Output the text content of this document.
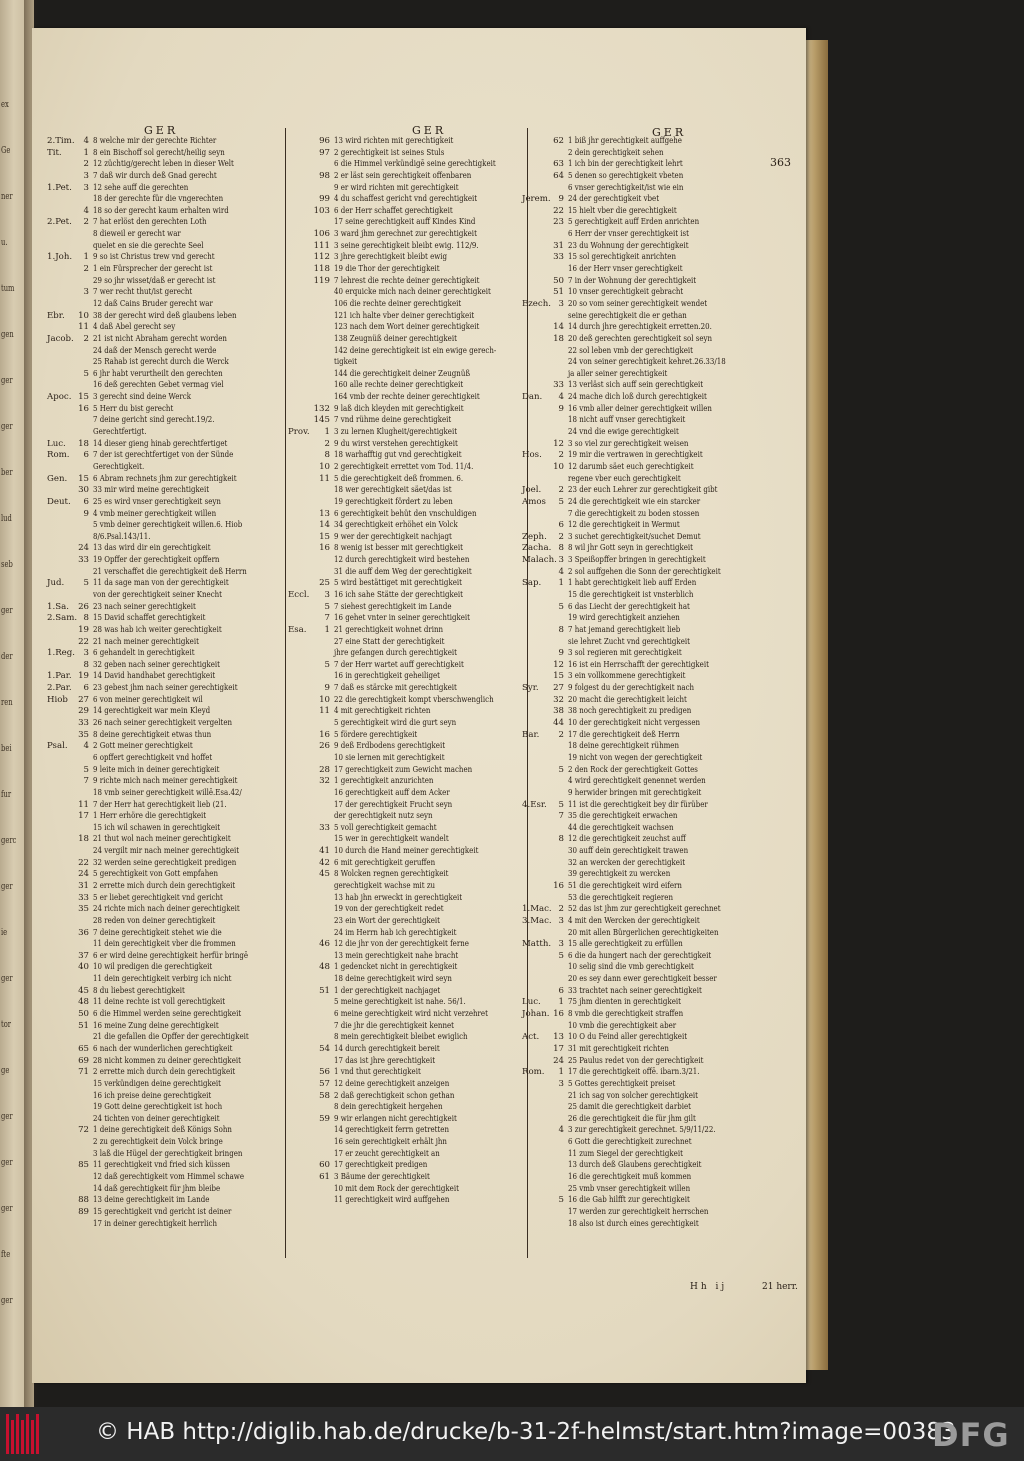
ex
Ge
ner
u.
tum
gen
ger
ger
ber
lud
seb
ger
der
ren
bei
fur
gerc
ger
ie
ger
tor
ge
ger
ger
ger
fte
ger
GER	GER	GER
363
2.Tim. 4 8 welche mir der gerechte Richter
Tit.	1 8 ein Bischoff sol gerecht/heilig seyn
2 12 züchtig/gerecht leben in dieser Welt
3 7 daß wir durch deß Gnad gerecht
1.Pet. 3 12 sehe auff die gerechten
18 der gerechte für die vngerechten
4 18 so der gerecht kaum erhalten wird
2.Pet. 2 7 hat erlöst den gerechten Loth
8 dieweil er gerecht war
quelet en sie die gerechte Seel
1.Joh. 1 9 so ist Christus trew vnd gerecht
2 1 ein Fürsprecher der gerecht ist
29 so jhr wisset/daß er gerecht ist
3 7 wer recht thut/ist gerecht
12 daß Cains Bruder gerecht war
Ebr. 10 38 der gerecht wird deß glaubens leben
11 4 daß Abel gerecht sey
Jacob. 2 21 ist nicht Abraham gerecht worden
24 daß der Mensch gerecht werde
25 Rahab ist gerecht durch die Werck
5 6 jhr habt verurtheilt den gerechten
16 deß gerechten Gebet vermag viel
Apoc. 15 3 gerecht sind deine Werck
16 5 Herr du bist gerecht
7 deine gericht sind gerecht.19/2.
Gerechtfertigt.
Luc. 18 14 dieser gieng hinab gerechtfertiget
Rom. 6 7 der ist gerechtfertiget von der Sünde
Gerechtigkeit.
Gen. 15 6 Abram rechnets jhm zur gerechtigkeit
30 33 mir wird meine gerechtigkeit
Deut. 6 25 es wird vnser gerechtigkeit seyn
9 4 vmb meiner gerechtigkeit willen
5 vmb deiner gerechtigkeit willen.6. Hiob
8/6.Psal.143/11.
24 13 das wird dir ein gerechtigkeit
33 19 Opffer der gerechtigkeit opffern
21 verschaffet die gerechtigkeit deß Herrn
Jud. 5 11 da sage man von der gerechtigkeit
von der gerechtigkeit seiner Knecht
1.Sa. 26 23 nach seiner gerechtigkeit
2.Sam. 8 15 David schaffet gerechtigkeit
19 28 was hab ich weiter gerechtigkeit
22 21 nach meiner gerechtigkeit
1.Reg. 3 6 gehandelt in gerechtigkeit
8 32 geben nach seiner gerechtigkeit
1.Par. 19 14 David handhabet gerechtigkeit
2.Par. 6 23 gebest jhm nach seiner gerechtigkeit
Hiob 27 6 von meiner gerechtigkeit wil
29 14 gerechtigkeit war mein Kleyd
33 26 nach seiner gerechtigkeit vergelten
35 8 deine gerechtigkeit etwas thun
Psal. 4 2 Gott meiner gerechtigkeit
6 opffert gerechtigkeit vnd hoffet
5 9 leite mich in deiner gerechtigkeit
7 9 richte mich nach meiner gerechtigkeit
18 vmb seiner gerechtigkeit willē.Esa.42/
11 7 der Herr hat gerechtigkeit lieb (21.
17 1 Herr erhöre die gerechtigkeit
15 ich wil schawen in gerechtigkeit
18 21 thut wol nach meiner gerechtigkeit
24 vergilt mir nach meiner gerechtigkeit
22 32 werden seine gerechtigkeit predigen
24 5 gerechtigkeit von Gott empfahen
31 2 errette mich durch dein gerechtigkeit
33 5 er liebet gerechtigkeit vnd gericht
35 24 richte mich nach deiner gerechtigkeit
28 reden von deiner gerechtigkeit
36 7 deine gerechtigkeit stehet wie die
11 dein gerechtigkeit vber die frommen
37 6 er wird deine gerechtigkeit herfür bringē
40 10 wil predigen die gerechtigkeit
11 dein gerechtigkeit verbirg ich nicht
45 8 du liebest gerechtigkeit
48 11 deine rechte ist voll gerechtigkeit
50 6 die Himmel werden seine gerechtigkeit
51 16 meine Zung deine gerechtigkeit
21 die gefallen die Opffer der gerechtigkeit
65 6 nach der wunderlichen gerechtigkeit
69 28 nicht kommen zu deiner gerechtigkeit
71 2 errette mich durch dein gerechtigkeit
15 verkündigen deine gerechtigkeit
16 ich preise deine gerechtigkeit
19 Gott deine gerechtigkeit ist hoch
24 tichten von deiner gerechtigkeit
72 1 deine gerechtigkeit deß Königs Sohn
2 zu gerechtigkeit dein Volck bringe
3 laß die Hügel der gerechtigkeit bringen
85 11 gerechtigkeit vnd fried sich küssen
12 daß gerechtigkeit vom Himmel schawe
14 daß gerechtigkeit für jhm bleibe
88 13 deine gerechtigkeit im Lande
89 15 gerechtigkeit vnd gericht ist deiner
17 in deiner gerechtigkeit herrlich
96 13 wird richten mit gerechtigkeit
97 2 gerechtigkeit ist seines Stuls
6 die Himmel verkündigē seine gerechtigkeit
98 2 er läst sein gerechtigkeit offenbaren
9 er wird richten mit gerechtigkeit
99 4 du schaffest gericht vnd gerechtigkeit
103 6 der Herr schaffet gerechtigkeit
17 seine gerechtigkeit auff Kindes Kind
106 3 ward jhm gerechnet zur gerechtigkeit
111 3 seine gerechtigkeit bleibt ewig. 112/9.
112 3 jhre gerechtigkeit bleibt ewig
118 19 die Thor der gerechtigkeit
119 7 lehrest die rechte deiner gerechtigkeit
40 erquicke mich nach deiner gerechtigkeit
106 die rechte deiner gerechtigkeit
121 ich halte vber deiner gerechtigkeit
123 nach dem Wort deiner gerechtigkeit
138 Zeugnüß deiner gerechtigkeit
142 deine gerechtigkeit ist ein ewige gerech-
tigkeit
144 die gerechtigkeit deiner Zeugnüß
160 alle rechte deiner gerechtigkeit
164 vmb der rechte deiner gerechtigkeit
132 9 laß dich kleyden mit gerechtigkeit
145 7 vnd rühme deine gerechtigkeit
Prov. 1 3 zu lernen Klugheit/gerechtigkeit
2 9 du wirst verstehen gerechtigkeit
8 18 warhafftig gut vnd gerechtigkeit
10 2 gerechtigkeit errettet vom Tod. 11/4.
11 5 die gerechtigkeit deß frommen. 6.
18 wer gerechtigkeit säet/das ist
19 gerechtigkeit fördert zu leben
13 6 gerechtigkeit behüt den vnschuldigen
14 34 gerechtigkeit erhöhet ein Volck
15 9 wer der gerechtigkeit nachjagt
16 8 wenig ist besser mit gerechtigkeit
12 durch gerechtigkeit wird bestehen
31 die auff dem Weg der gerechtigkeit
25 5 wird bestättiget mit gerechtigkeit
Eccl. 3 16 ich sahe Stätte der gerechtigkeit
5 7 siehest gerechtigkeit im Lande
7 16 gehet vnter in seiner gerechtigkeit
Esa. 1 21 gerechtigkeit wohnet drinn
27 eine Statt der gerechtigkeit
jhre gefangen durch gerechtigkeit
5 7 der Herr wartet auff gerechtigkeit
16 in gerechtigkeit geheiliget
9 7 daß es stärcke mit gerechtigkeit
10 22 die gerechtigkeit kompt vberschwenglich
11 4 mit gerechtigkeit richten
5 gerechtigkeit wird die gurt seyn
16 5 fördere gerechtigkeit
26 9 deß Erdbodens gerechtigkeit
10 sie lernen mit gerechtigkeit
28 17 gerechtigkeit zum Gewicht machen
32 1 gerechtigkeit anzurichten
16 gerechtigkeit auff dem Acker
17 der gerechtigkeit Frucht seyn
der gerechtigkeit nutz seyn
33 5 voll gerechtigkeit gemacht
15 wer in gerechtigkeit wandelt
41 10 durch die Hand meiner gerechtigkeit
42 6 mit gerechtigkeit geruffen
45 8 Wolcken regnen gerechtigkeit
gerechtigkeit wachse mit zu
13 hab jhn erweckt in gerechtigkeit
19 von der gerechtigkeit redet
23 ein Wort der gerechtigkeit
24 im Herrn hab ich gerechtigkeit
46 12 die jhr von der gerechtigkeit ferne
13 mein gerechtigkeit nahe bracht
48 1 gedencket nicht in gerechtigkeit
18 deine gerechtigkeit wird seyn
51 1 der gerechtigkeit nachjaget
5 meine gerechtigkeit ist nahe. 56/1.
6 meine gerechtigkeit wird nicht verzehret
7 die jhr die gerechtigkeit kennet
8 mein gerechtigkeit bleibet ewiglich
54 14 durch gerechtigkeit bereit
17 das ist jhre gerechtigkeit
56 1 vnd thut gerechtigkeit
57 12 deine gerechtigkeit anzeigen
58 2 daß gerechtigkeit schon gethan
8 dein gerechtigkeit hergehen
59 9 wir erlangen nicht gerechtigkeit
14 gerechtigkeit ferrn getretten
16 sein gerechtigkeit erhält jhn
17 er zeucht gerechtigkeit an
60 17 gerechtigkeit predigen
61 3 Bäume der gerechtigkeit
10 mit dem Rock der gerechtigkeit
11 gerechtigkeit wird auffgehen
62 1 biß jhr gerechtigkeit auffgehe
2 dein gerechtigkeit sehen
63 1 ich bin der gerechtigkeit lehrt
64 5 denen so gerechtigkeit vbeten
6 vnser gerechtigkeit/ist wie ein
Jerem. 9 24 der gerechtigkeit vbet
22 15 hielt vber die gerechtigkeit
23 5 gerechtigkeit auff Erden anrichten
6 Herr der vnser gerechtigkeit ist
31 23 du Wohnung der gerechtigkeit
33 15 sol gerechtigkeit anrichten
16 der Herr vnser gerechtigkeit
50 7 in der Wohnung der gerechtigkeit
51 10 vnser gerechtigkeit gebracht
Ezech. 3 20 so vom seiner gerechtigkeit wendet
seine gerechtigkeit die er gethan
14 14 durch jhre gerechtigkeit erretten.20.
18 20 deß gerechten gerechtigkeit sol seyn
22 sol leben vmb der gerechtigkeit
24 von seiner gerechtigkeit kehret.26.33/18
ja aller seiner gerechtigkeit
33 13 verläst sich auff sein gerechtigkeit
Dan. 4 24 mache dich loß durch gerechtigkeit
9 16 vmb aller deiner gerechtigkeit willen
18 nicht auff vnser gerechtigkeit
24 vnd die ewige gerechtigkeit
12 3 so viel zur gerechtigkeit weisen
Hos. 2 19 mir die vertrawen in gerechtigkeit
10 12 darumb säet euch gerechtigkeit
regene vber euch gerechtigkeit
Joel. 2 23 der euch Lehrer zur gerechtigkeit gibt
Amos 5 24 die gerechtigkeit wie ein starcker
7 die gerechtigkeit zu boden stossen
6 12 die gerechtigkeit in Wermut
Zeph. 2 3 suchet gerechtigkeit/suchet Demut
Zacha. 8 8 wil jhr Gott seyn in gerechtigkeit
Malach. 3 3 Speißopffer bringen in gerechtigkeit
4 2 sol auffgehen die Sonn der gerechtigkeit
Sap. 1 1 habt gerechtigkeit lieb auff Erden
15 die gerechtigkeit ist vnsterblich
5 6 das Liecht der gerechtigkeit hat
19 wird gerechtigkeit anziehen
8 7 hat jemand gerechtigkeit lieb
sie lehret Zucht vnd gerechtigkeit
9 3 sol regieren mit gerechtigkeit
12 16 ist ein Herrschafft der gerechtigkeit
15 3 ein vollkommene gerechtigkeit
Syr. 27 9 folgest du der gerechtigkeit nach
32 20 macht die gerechtigkeit leicht
38 38 noch gerechtigkeit zu predigen
44 10 der gerechtigkeit nicht vergessen
Bar. 2 17 die gerechtigkeit deß Herrn
18 deine gerechtigkeit rühmen
19 nicht von wegen der gerechtigkeit
5 2 den Rock der gerechtigkeit Gottes
4 wird gerechtigkeit genennet werden
9 herwider bringen mit gerechtigkeit
4.Esr. 5 11 ist die gerechtigkeit bey dir fürüber
7 35 die gerechtigkeit erwachen
44 die gerechtigkeit wachsen
8 12 die gerechtigkeit zeuchst auff
30 auff dein gerechtigkeit trawen
32 an wercken der gerechtigkeit
39 gerechtigkeit zu wercken
16 51 die gerechtigkeit wird eifern
53 die gerechtigkeit regieren
1.Mac. 2 52 das ist jhm zur gerechtigkeit gerechnet
3.Mac. 3 4 mit den Wercken der gerechtigkeit
20 mit allen Bürgerlichen gerechtigkeiten
Matth. 3 15 alle gerechtigkeit zu erfüllen
5 6 die da hungert nach der gerechtigkeit
10 selig sind die vmb gerechtigkeit
20 es sey dann ewer gerechtigkeit besser
6 33 trachtet nach seiner gerechtigkeit
Luc. 1 75 jhm dienten in gerechtigkeit
Johan. 16 8 vmb die gerechtigkeit straffen
10 vmb die gerechtigkeit aber
Act. 13 10 O du Feind aller gerechtigkeit
17 31 mit gerechtigkeit richten
24 25 Paulus redet von der gerechtigkeit
Rom. 1 17 die gerechtigkeit offē. ibarn.3/21.
3 5 Gottes gerechtigkeit preiset
21 ich sag von solcher gerechtigkeit
25 damit die gerechtigkeit darbiet
26 die gerechtigkeit die für jhm gilt
4 3 zur gerechtigkeit gerechnet. 5/9/11/22.
6 Gott die gerechtigkeit zurechnet
11 zum Siegel der gerechtigkeit
13 durch deß Glaubens gerechtigkeit
16 die gerechtigkeit muß kommen
25 vmb vnser gerechtigkeit willen
5 16 die Gab hilfft zur gerechtigkeit
17 werden zur gerechtigkeit herrschen
18 also ist durch eines gerechtigkeit
Hh ij	21 herr.
© HAB http://diglib.hab.de/drucke/b-31-2f-helmst/start.htm?image=00383
DFG
